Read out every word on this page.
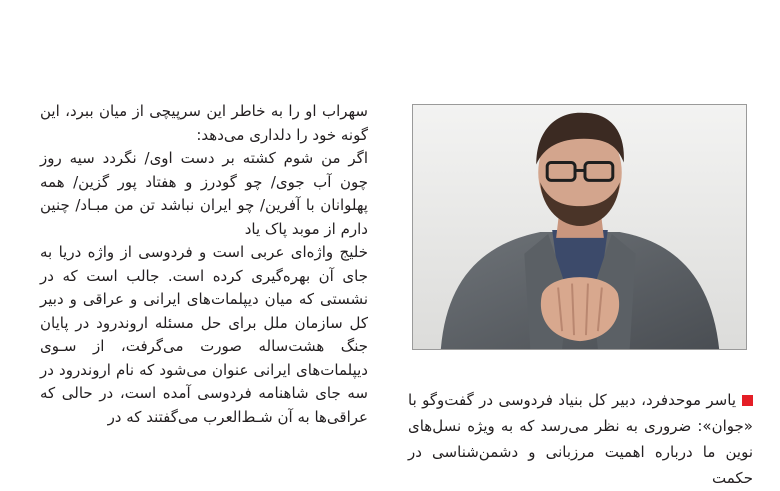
سهراب او را به خاطر این سرپیچی از میان ببرد، این گونه خود را دلداری می‌دهد:

اگر من شوم کشته بر دست اوی/ نگردد سیه روز چون آب جوی/ چو گودرز و هفتاد پور گزین/ همه پهلوانان با آفرین/ چو ایران نباشد تن من مبـاد/ چنین دارم از موبد پاک یاد

خلیج واژه‌ای عربی است و فردوسی از واژه دریا به جای آن بهره‌گیری کرده است. جالب است که در نشستی که میان دیپلمات‌های ایرانی و عراقی و دبیر کل سازمان ملل برای حل مسئله اروندرود در پایان جنگ هشت‌ساله صورت می‌گرفت، از سـوی دیپلمات‌های ایرانی عنوان می‌شود که نام اروندرود در سه جای شاهنامه فردوسی آمده است، در حالی که عراقی‌ها به آن شـط‌العرب می‌گفتند که در

یاسر موحدفرد، دبیر کل بنیاد فردوسی در گفت‌وگو با «جوان»: ضروری به نظر می‌رسد که به ویژه نسل‌های نوین ما درباره اهمیت مرزبانی و دشمن‌شناسی در حکمت
